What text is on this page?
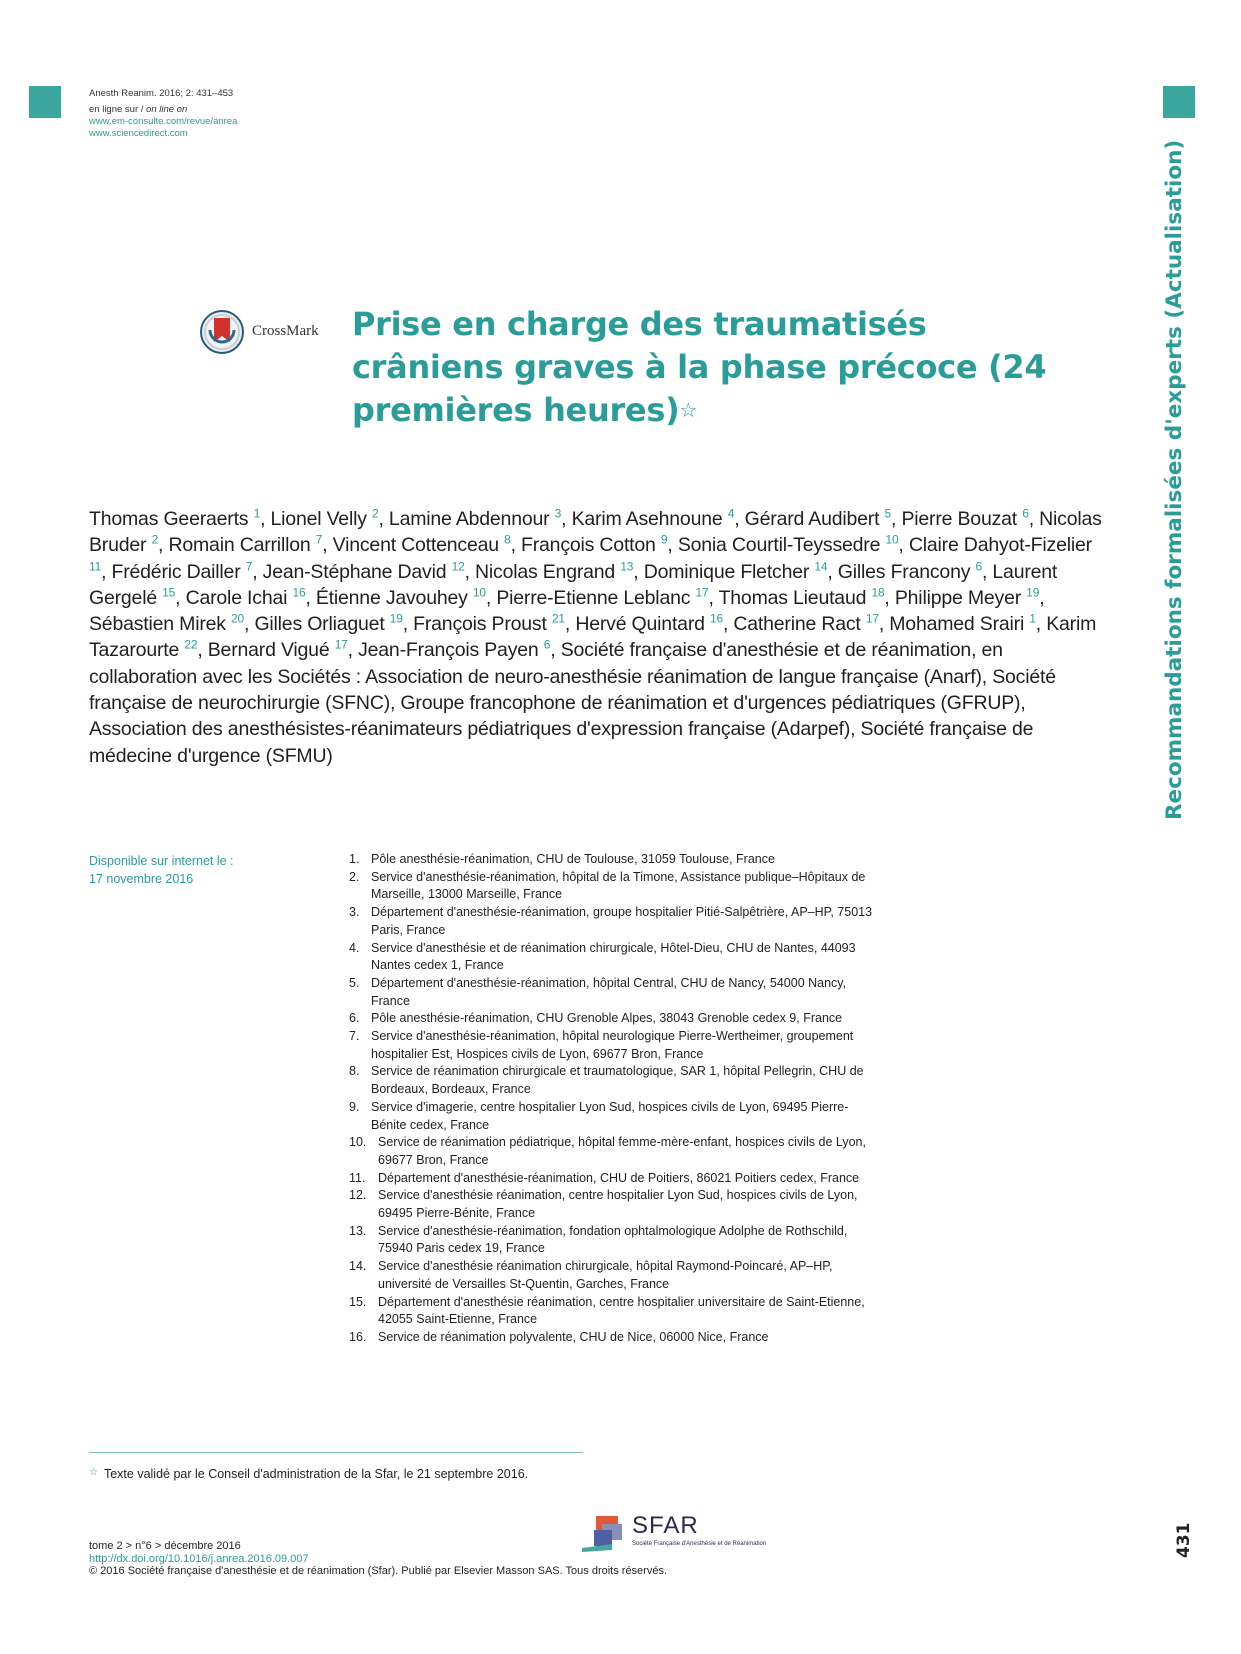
Anesth Reanim. 2016; 2: 431–453
en ligne sur / on line on
www.em-consulte.com/revue/anrea
www.sciencedirect.com
CrossMark Prise en charge des traumatisés crâniens graves à la phase précoce (24 premières heures)☆
Thomas Geeraerts $^1$, Lionel Velly $^2$, Lamine Abdennour $^3$, Karim Asehnoune $^4$, Gérard Audibert $^5$, Pierre Bouzat $^6$, Nicolas Bruder $^2$, Romain Carrillon $^7$, Vincent Cottenceau $^8$, François Cotton $^9$, Sonia Courtil-Teyssedre $^{10}$, Claire Dahyot-Fizelier $^{11}$, Frédéric Dailler $^7$, Jean-Stéphane David $^{12}$, Nicolas Engrand $^{13}$, Dominique Fletcher $^{14}$, Gilles Francony $^6$, Laurent Gergelé $^{15}$, Carole Ichai $^{16}$, Étienne Javouhey $^{10}$, Pierre-Etienne Leblanc $^{17}$, Thomas Lieutaud $^{18}$, Philippe Meyer $^{19}$, Sébastien Mirek $^{20}$, Gilles Orliaguet $^{19}$, François Proust $^{21}$, Hervé Quintard $^{16}$, Catherine Ract $^{17}$, Mohamed Srairi $^1$, Karim Tazarourte $^{22}$, Bernard Vigué $^{17}$, Jean-François Payen $^6$, Société française d'anesthésie et de réanimation, en collaboration avec les Sociétés : Association de neuro-anesthésie réanimation de langue française (Anarf), Société française de neurochirurgie (SFNC), Groupe francophone de réanimation et d'urgences pédiatriques (GFRUP), Association des anesthésistes-réanimateurs pédiatriques d'expression française (Adarpef), Société française de médecine d'urgence (SFMU)
Disponible sur internet le :
17 novembre 2016
1. Pôle anesthésie-réanimation, CHU de Toulouse, 31059 Toulouse, France
2. Service d'anesthésie-réanimation, hôpital de la Timone, Assistance publique–Hôpitaux de Marseille, 13000 Marseille, France
3. Département d'anesthésie-réanimation, groupe hospitalier Pitié-Salpêtrière, AP–HP, 75013 Paris, France
4. Service d'anesthésie et de réanimation chirurgicale, Hôtel-Dieu, CHU de Nantes, 44093 Nantes cedex 1, France
5. Département d'anesthésie-réanimation, hôpital Central, CHU de Nancy, 54000 Nancy, France
6. Pôle anesthésie-réanimation, CHU Grenoble Alpes, 38043 Grenoble cedex 9, France
7. Service d'anesthésie-réanimation, hôpital neurologique Pierre-Wertheimer, groupement hospitalier Est, Hospices civils de Lyon, 69677 Bron, France
8. Service de réanimation chirurgicale et traumatologique, SAR 1, hôpital Pellegrin, CHU de Bordeaux, Bordeaux, France
9. Service d'imagerie, centre hospitalier Lyon Sud, hospices civils de Lyon, 69495 Pierre-Bénite cedex, France
10. Service de réanimation pédiatrique, hôpital femme-mère-enfant, hospices civils de Lyon, 69677 Bron, France
11. Département d'anesthésie-réanimation, CHU de Poitiers, 86021 Poitiers cedex, France
12. Service d'anesthésie réanimation, centre hospitalier Lyon Sud, hospices civils de Lyon, 69495 Pierre-Bénite, France
13. Service d'anesthésie-réanimation, fondation ophtalmologique Adolphe de Rothschild, 75940 Paris cedex 19, France
14. Service d'anesthésie réanimation chirurgicale, hôpital Raymond-Poincaré, AP–HP, université de Versailles St-Quentin, Garches, France
15. Département d'anesthésie réanimation, centre hospitalier universitaire de Saint-Etienne, 42055 Saint-Etienne, France
16. Service de réanimation polyvalente, CHU de Nice, 06000 Nice, France
☆ Texte validé par le Conseil d'administration de la Sfar, le 21 septembre 2016.
tome 2 > n°6 > décembre 2016
http://dx.doi.org/10.1016/j.anrea.2016.09.007
© 2016 Société française d'anesthésie et de réanimation (Sfar). Publié par Elsevier Masson SAS. Tous droits réservés.
SFAR
Société Française d'Anesthésie et de Réanimation
Recommandations formalisées d'experts (Actualisation)
431
